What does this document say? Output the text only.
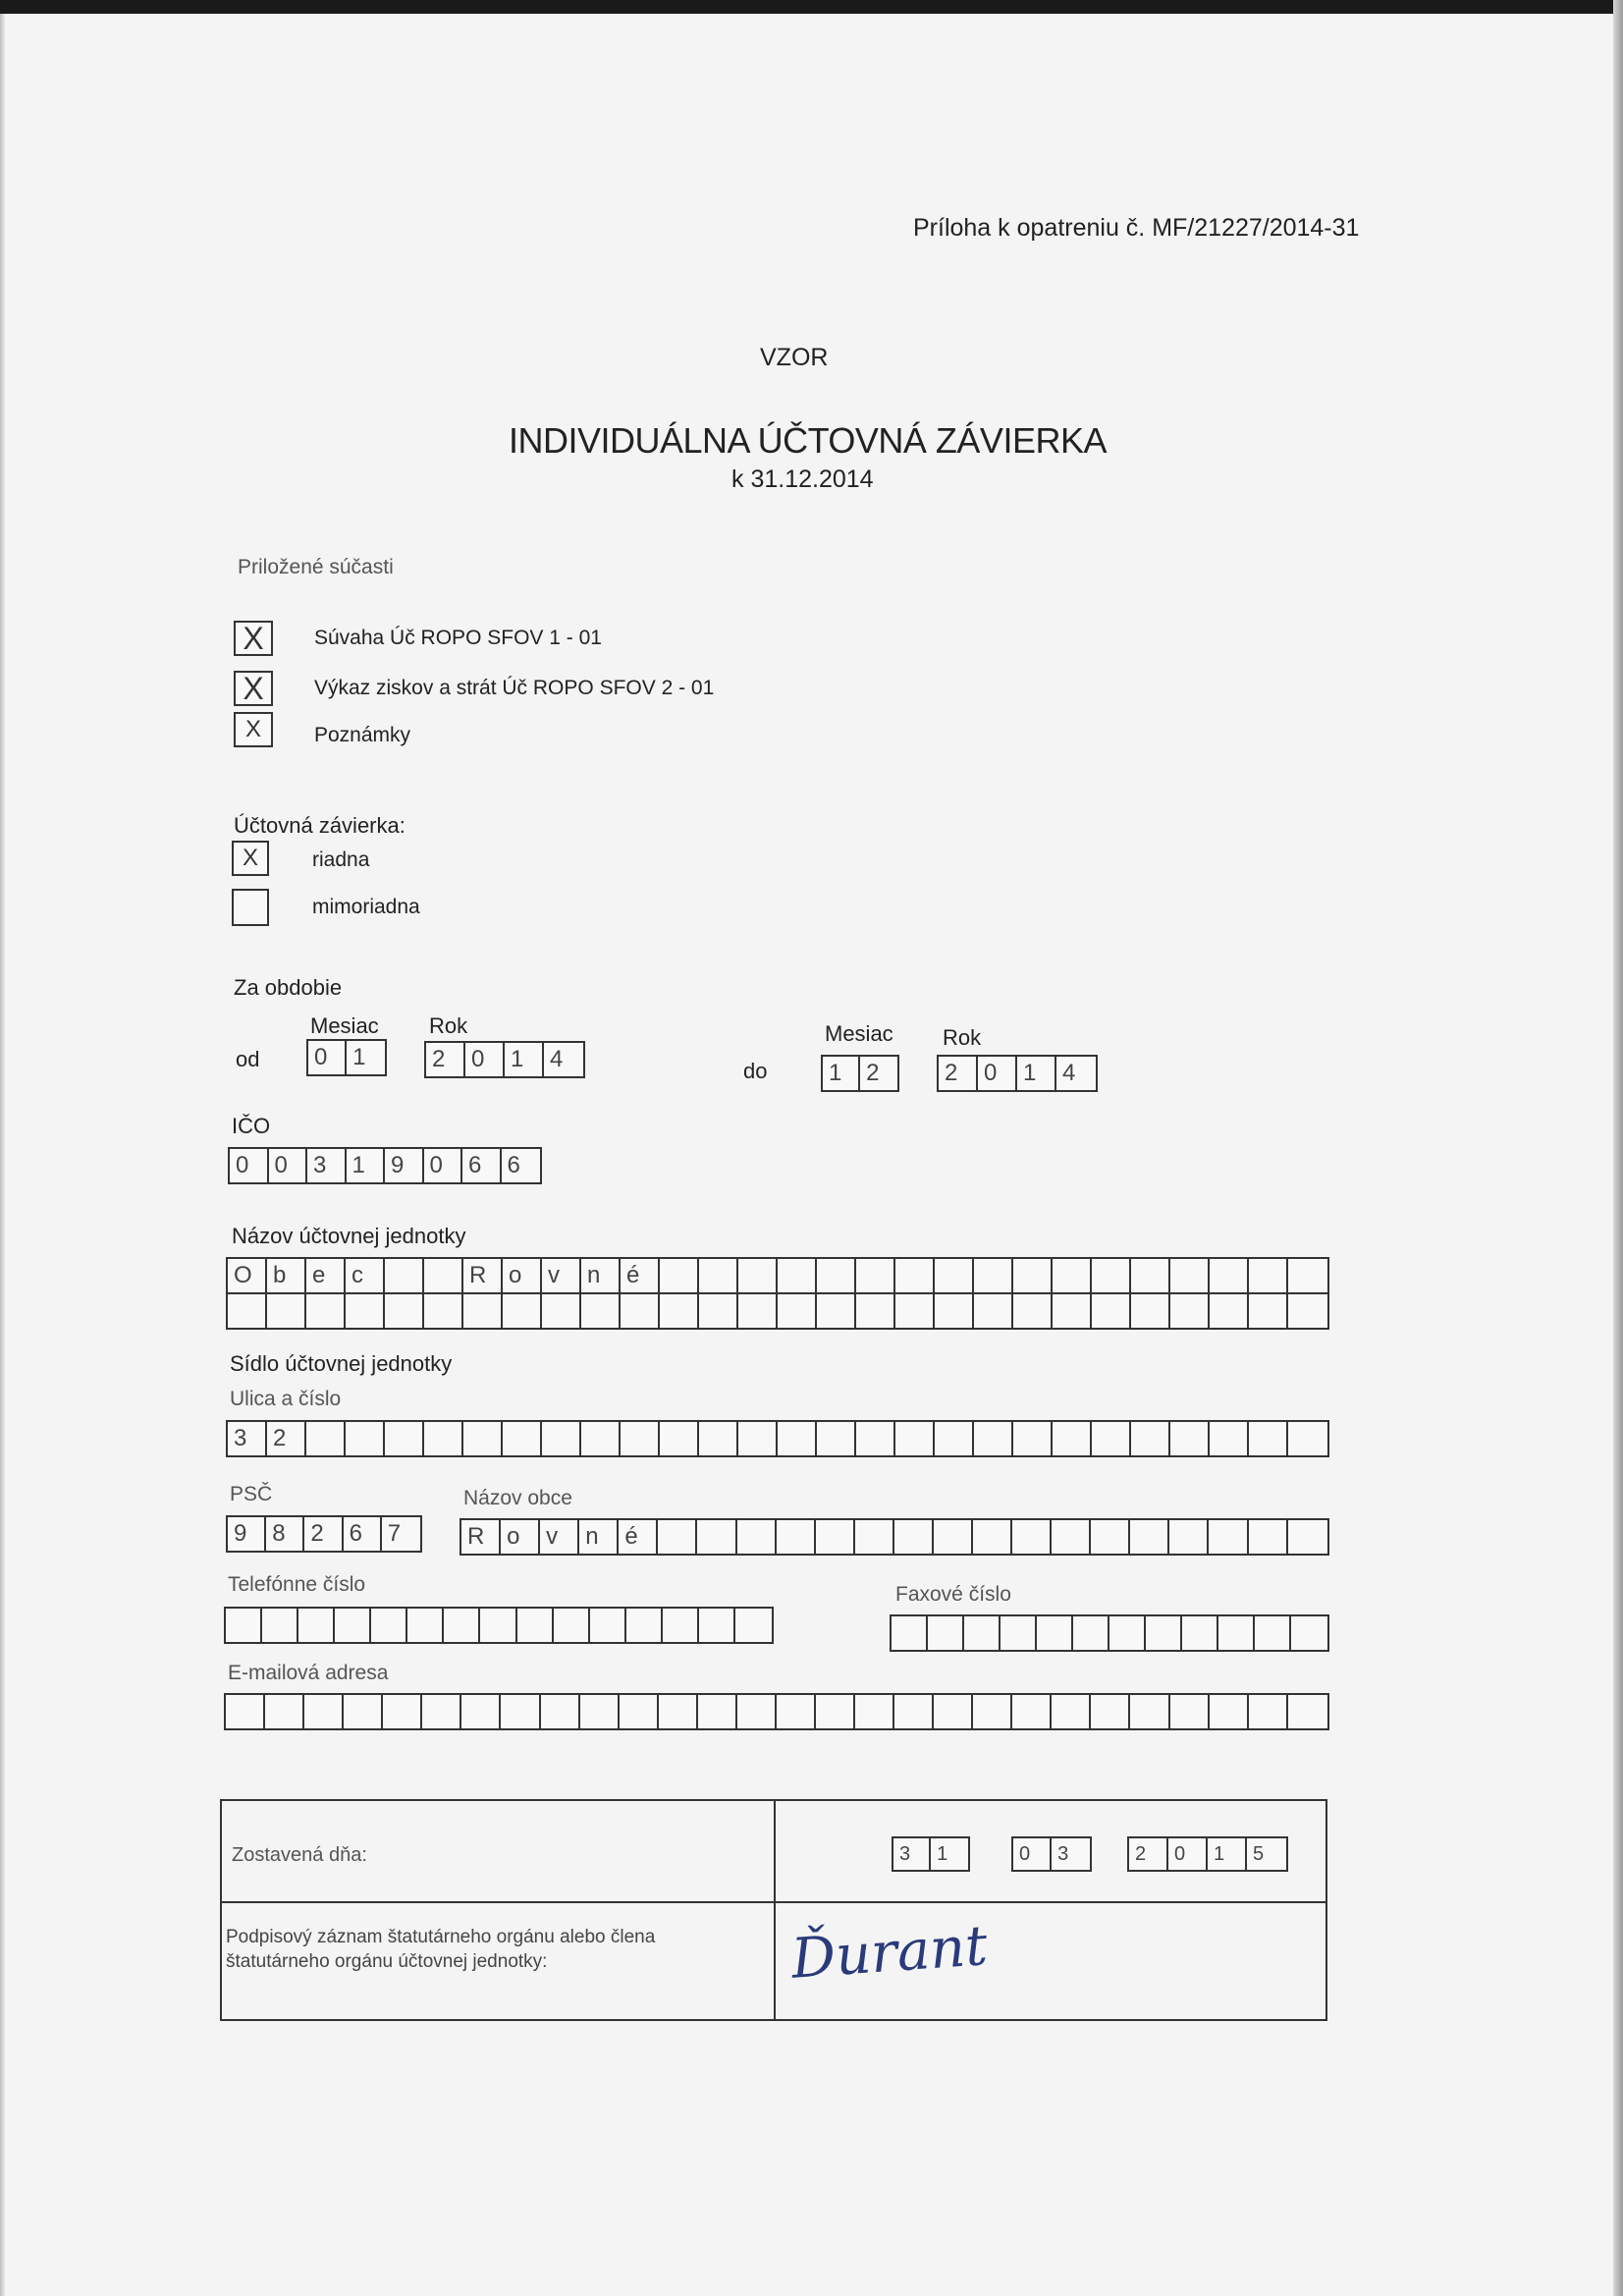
Príloha k opatreniu č. MF/21227/2014-31
VZOR
INDIVIDUÁLNA ÚČTOVNÁ ZÁVIERKA
k 31.12.2014
Priložené súčasti
X	Súvaha Úč ROPO SFOV 1 - 01
X	Výkaz ziskov a strát Úč ROPO SFOV 2 - 01
X	Poznámky
Účtovná závierka:
X	riadna
mimoriadna
Za obdobie
Mesiac Rok
od 0	1	2	0	1	4
Mesiac Rok
do	1	2	2	0	1	4
IČO
0	0	3	1	9	0	6	6
Názov účtovnej jednotky
O b	e	c	R o	v	n	é
Sídlo účtovnej jednotky
Ulica a číslo
3	2
PSČ
9	8	2	6	7
Názov obce
R o	v	n	é
Telefónne číslo	Faxové číslo
E-mailová adresa
Zostavená dňa:	3	1	0	3	2	0	1	5
Podpisový záznam štatutárneho orgánu alebo člena štatutárneho orgánu účtovnej jednotky:	Ďurant
